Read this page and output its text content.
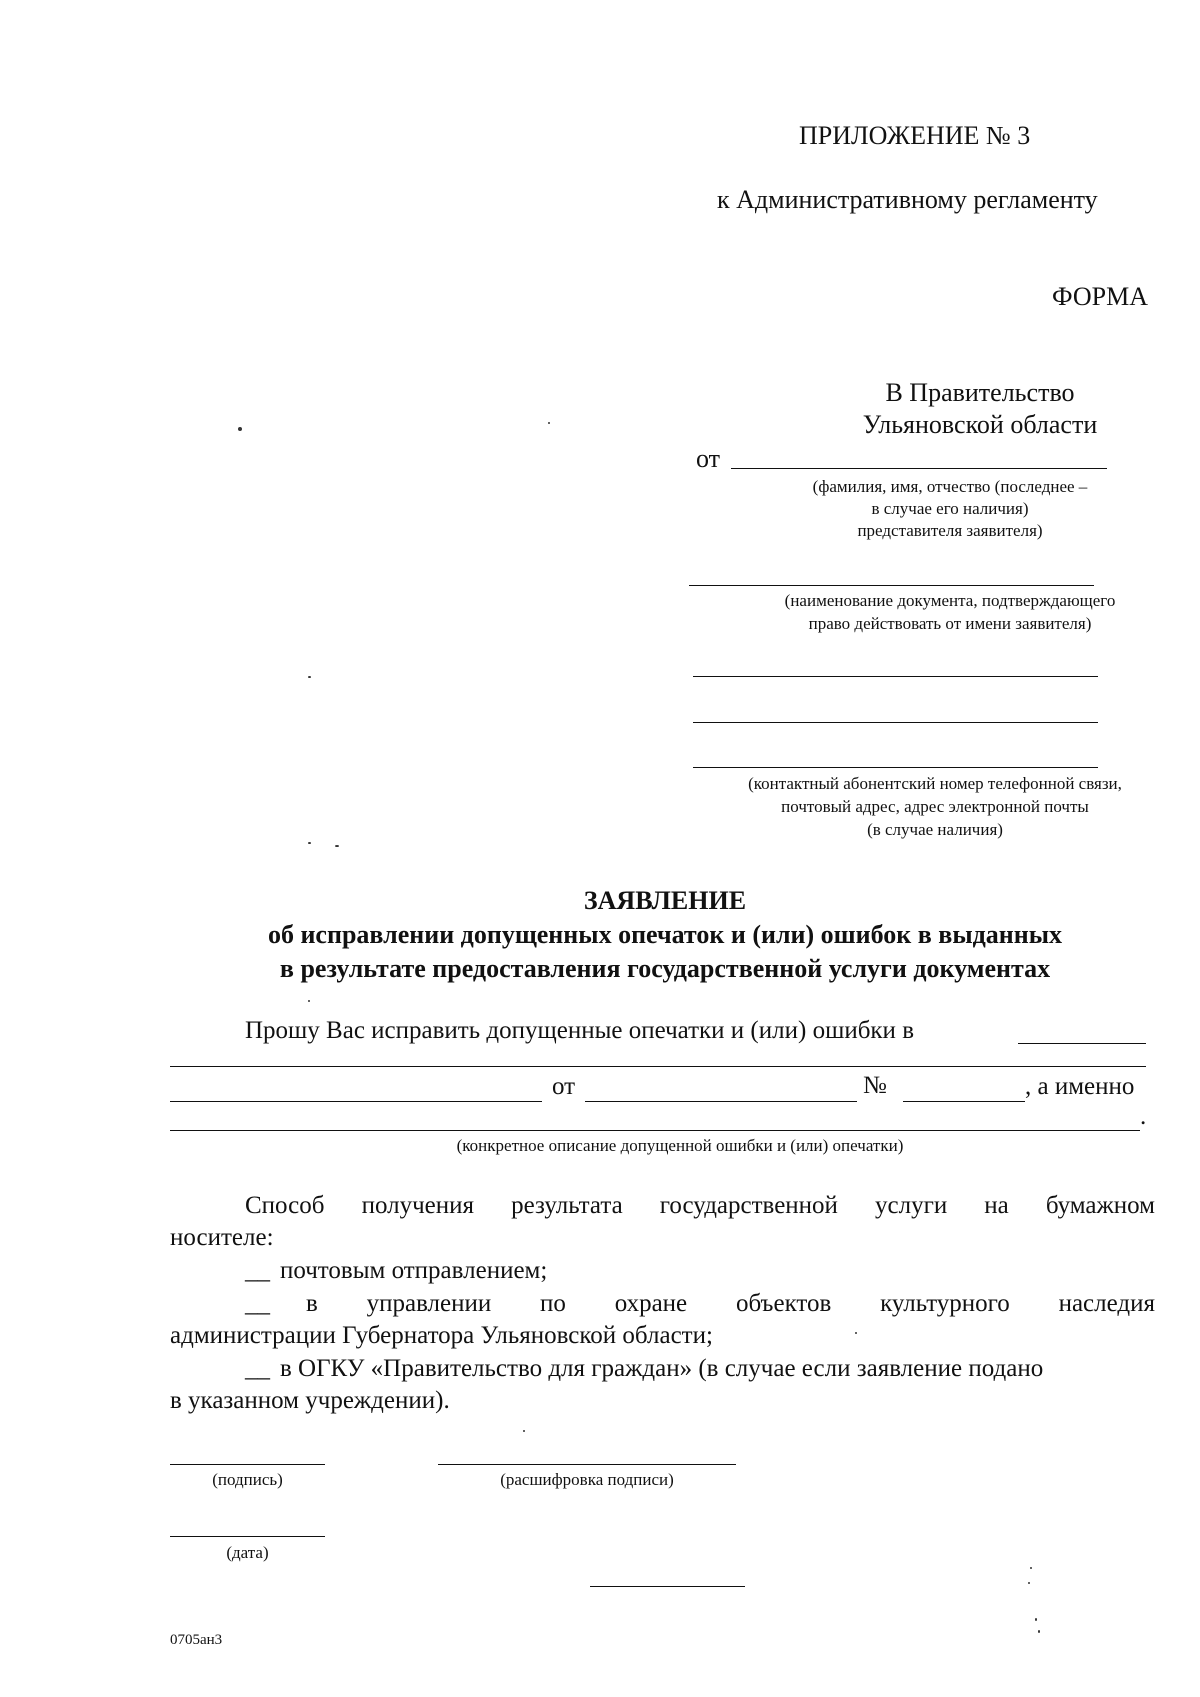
ПРИЛОЖЕНИЕ № 3
к Административному регламенту
ФОРМА
В Правительство
Ульяновской области
от
(фамилия, имя, отчество (последнее –
в случае его наличия)
представителя заявителя)
(наименование документа, подтверждающего
право действовать от имени заявителя)
(контактный абонентский номер телефонной связи,
почтовый адрес, адрес электронной почты
(в случае наличия)
ЗАЯВЛЕНИЕ
об исправлении допущенных опечаток и (или) ошибок в выданных
в результате предоставления государственной услуги документах
Прошу Вас исправить допущенные опечатки и (или) ошибки в
от	№	, а именно
.
(конкретное описание допущенной ошибки и (или) опечатки)
Способ получения результата государственной услуги на бумажном
носителе:
__ почтовым отправлением;
__ в управлении по охране объектов культурного наследия
администрации Губернатора Ульяновской области;
__ в ОГКУ «Правительство для граждан» (в случае если заявление подано
в указанном учреждении).
(подпись)	(расшифровка подписи)
(дата)
0705ан3
